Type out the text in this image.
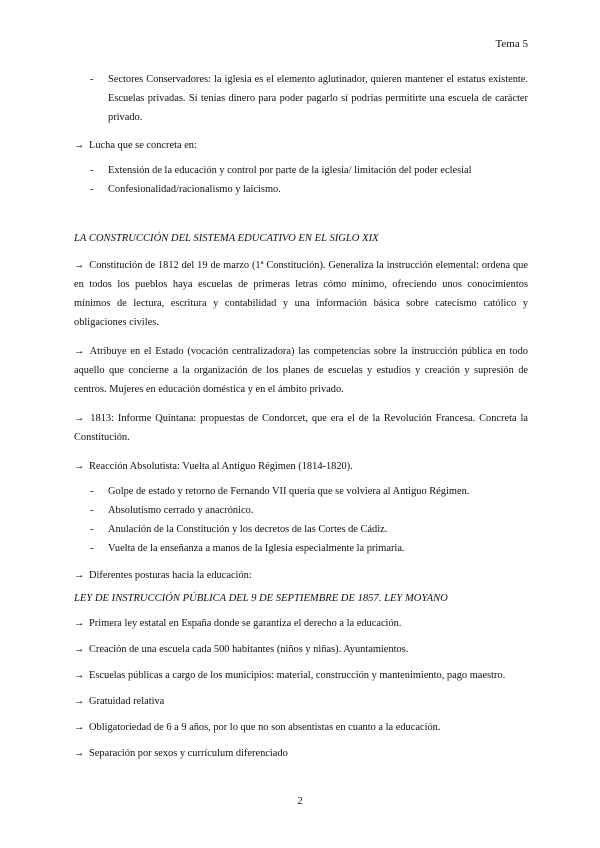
Tema 5
- Sectores Conservadores: la iglesia es el elemento aglutinador, quieren mantener el estatus existente. Escuelas privadas. Sí tenías dinero para poder pagarlo sí podrías permitirte una escuela de carácter privado.

→ Lucha que se concreta en:

- Extensión de la educación y control por parte de la iglesia/ limitación del poder eclesial
- Confesionalidad/racionalismo y laicismo.

LA CONSTRUCCIÓN DEL SISTEMA EDUCATIVO EN EL SIGLO XIX

→ Constitución de 1812 del 19 de marzo (1ª Constitución). Generaliza la instrucción elemental: ordena que en todos los pueblos haya escuelas de primeras letras cómo mínimo, ofreciendo unos conocimientos mínimos de lectura, escritura y contabilidad y una información básica sobre catecismo católico y obligaciones civiles.

→ Atribuye en el Estado (vocación centralizadora) las competencias sobre la instrucción pública en todo aquello que concierne a la organización de los planes de escuelas y estudios y creación y supresión de centros. Mujeres en educación doméstica y en el ámbito privado.

→ 1813: Informe Quintana: propuestas de Condorcet, que era el de la Revolución Francesa. Concreta la Constitución.

→ Reacción Absolutista: Vuelta al Antiguo Régimen (1814-1820).

- Golpe de estado y retorno de Fernando VII quería que se volviera al Antiguo Régimen.
- Absolutismo cerrado y anacrónico.
- Anulación de la Constitución y los decretos de las Cortes de Cádiz.
- Vuelta de la enseñanza a manos de la Iglesia especialmente la primaria.

→ Diferentes posturas hacia la educación:

LEY DE INSTRUCCIÓN PÚBLICA DEL 9 DE SEPTIEMBRE DE 1857. LEY MOYANO

→ Primera ley estatal en España donde se garantiza el derecho a la educación.

→ Creación de una escuela cada 500 habitantes (niños y niñas). Ayuntamientos.

→ Escuelas públicas a cargo de los municipios: material, construcción y mantenimiento, pago maestro.

→ Gratuidad relativa

→ Obligatoriedad de 6 a 9 años, por lo que no son absentistas en cuanto a la educación.

→ Separación por sexos y currículum diferenciado

2
